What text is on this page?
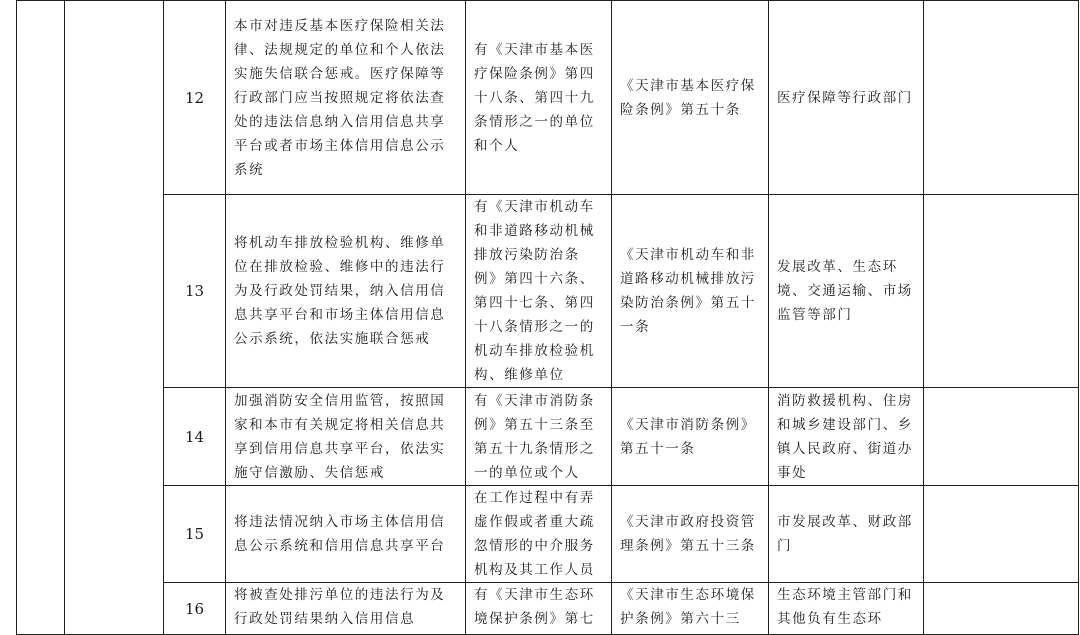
		12	本市对违反基本医疗保险相关法律、法规规定的单位和个人依法实施失信联合惩戒。医疗保障等行政部门应当按照规定将依法查处的违法信息纳入信用信息共享平台或者市场主体信用信息公示系统	有《天津市基本医疗保险条例》第四十八条、第四十九条情形之一的单位和个人	《天津市基本医疗保险条例》第五十条	医疗保障等行政部门	
		13	将机动车排放检验机构、维修单位在排放检验、维修中的违法行为及行政处罚结果，纳入信用信息共享平台和市场主体信用信息公示系统，依法实施联合惩戒	有《天津市机动车和非道路移动机械排放污染防治条例》第四十六条、第四十七条、第四十八条情形之一的机动车排放检验机构、维修单位	《天津市机动车和非道路移动机械排放污染防治条例》第五十一条	发展改革、生态环境、交通运输、市场监管等部门	
		14	加强消防安全信用监管，按照国家和本市有关规定将相关信息共享到信用信息共享平台，依法实施守信激励、失信惩戒	有《天津市消防条例》第五十三条至第五十九条情形之一的单位或个人	《天津市消防条例》第五十一条	消防救援机构、住房和城乡建设部门、乡镇人民政府、街道办事处	
		15	将违法情况纳入市场主体信用信息公示系统和信用信息共享平台	在工作过程中有弄虚作假或者重大疏忽情形的中介服务机构及其工作人员	《天津市政府投资管理条例》第五十三条	市发展改革、财政部门	
		16	将被查处排污单位的违法行为及行政处罚结果纳入信用信息	有《天津市生态环境保护条例》第七	《天津市生态环境保护条例》第六十三	生态环境主管部门和其他负有生态环	
